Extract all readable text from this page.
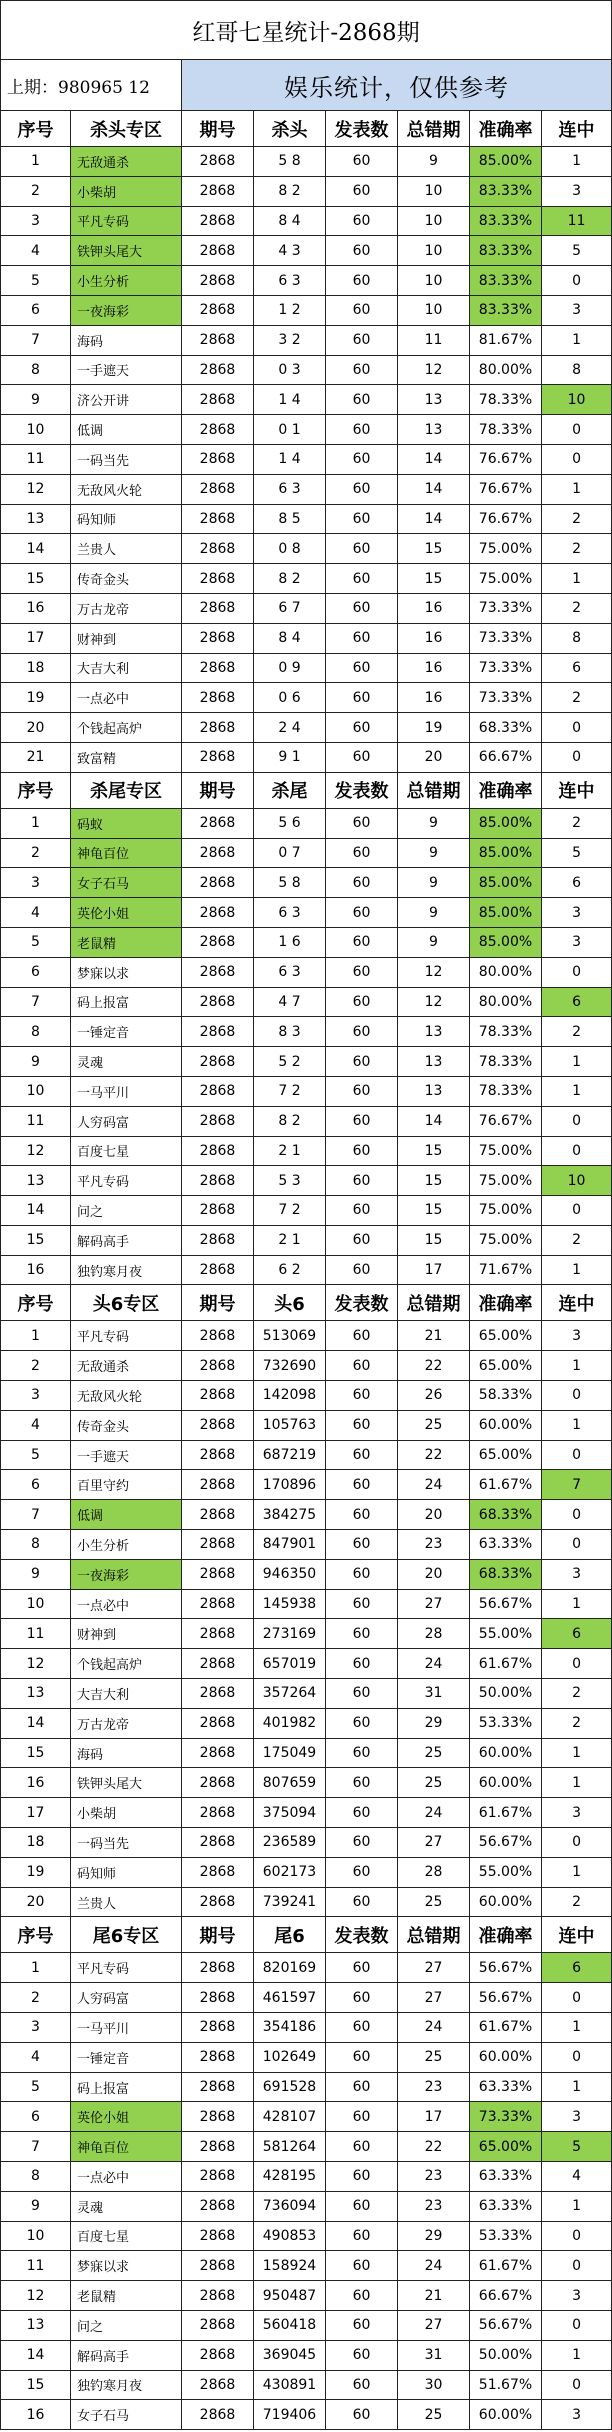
红哥七星统计-2868期							
上期：980965 12		娱乐统计，仅供参考					
序号	杀头专区	期号	杀头	发表数	总错期	准确率	连中
1	无敌通杀	2868	5 8	60	9	85.00%	1
2	小柴胡	2868	8 2	60	10	83.33%	3
3	平凡专码	2868	8 4	60	10	83.33%	11
4	铁钾头尾大	2868	4 3	60	10	83.33%	5
5	小生分析	2868	6 3	60	10	83.33%	0
6	一夜海彩	2868	1 2	60	10	83.33%	3
7	海码	2868	3 2	60	11	81.67%	1
8	一手遮天	2868	0 3	60	12	80.00%	8
9	济公开讲	2868	1 4	60	13	78.33%	10
10	低调	2868	0 1	60	13	78.33%	0
11	一码当先	2868	1 4	60	14	76.67%	0
12	无敌风火轮	2868	6 3	60	14	76.67%	1
13	码知师	2868	8 5	60	14	76.67%	2
14	兰贵人	2868	0 8	60	15	75.00%	2
15	传奇金头	2868	8 2	60	15	75.00%	1
16	万古龙帝	2868	6 7	60	16	73.33%	2
17	财神到	2868	8 4	60	16	73.33%	8
18	大吉大利	2868	0 9	60	16	73.33%	6
19	一点必中	2868	0 6	60	16	73.33%	2
20	个钱起高炉	2868	2 4	60	19	68.33%	0
21	致富精	2868	9 1	60	20	66.67%	0
序号	杀尾专区	期号	杀尾	发表数	总错期	准确率	连中
1	码蚁	2868	5 6	60	9	85.00%	2
2	神龟百位	2868	0 7	60	9	85.00%	5
3	女子石马	2868	5 8	60	9	85.00%	6
4	英伦小姐	2868	6 3	60	9	85.00%	3
5	老鼠精	2868	1 6	60	9	85.00%	3
6	梦寐以求	2868	6 3	60	12	80.00%	0
7	码上报富	2868	4 7	60	12	80.00%	6
8	一锤定音	2868	8 3	60	13	78.33%	2
9	灵魂	2868	5 2	60	13	78.33%	1
10	一马平川	2868	7 2	60	13	78.33%	1
11	人穷码富	2868	8 2	60	14	76.67%	0
12	百度七星	2868	2 1	60	15	75.00%	0
13	平凡专码	2868	5 3	60	15	75.00%	10
14	问之	2868	7 2	60	15	75.00%	0
15	解码高手	2868	2 1	60	15	75.00%	2
16	独钓寒月夜	2868	6 2	60	17	71.67%	1
序号	头6专区	期号	头6	发表数	总错期	准确率	连中
1	平凡专码	2868	513069	60	21	65.00%	3
2	无敌通杀	2868	732690	60	22	65.00%	1
3	无敌风火轮	2868	142098	60	26	58.33%	0
4	传奇金头	2868	105763	60	25	60.00%	1
5	一手遮天	2868	687219	60	22	65.00%	0
6	百里守约	2868	170896	60	24	61.67%	7
7	低调	2868	384275	60	20	68.33%	0
8	小生分析	2868	847901	60	23	63.33%	0
9	一夜海彩	2868	946350	60	20	68.33%	3
10	一点必中	2868	145938	60	27	56.67%	1
11	财神到	2868	273169	60	28	55.00%	6
12	个钱起高炉	2868	657019	60	24	61.67%	0
13	大吉大利	2868	357264	60	31	50.00%	2
14	万古龙帝	2868	401982	60	29	53.33%	2
15	海码	2868	175049	60	25	60.00%	1
16	铁钾头尾大	2868	807659	60	25	60.00%	1
17	小柴胡	2868	375094	60	24	61.67%	3
18	一码当先	2868	236589	60	27	56.67%	0
19	码知师	2868	602173	60	28	55.00%	1
20	兰贵人	2868	739241	60	25	60.00%	2
序号	尾6专区	期号	尾6	发表数	总错期	准确率	连中
1	平凡专码	2868	820169	60	27	56.67%	6
2	人穷码富	2868	461597	60	27	56.67%	0
3	一马平川	2868	354186	60	24	61.67%	1
4	一锤定音	2868	102649	60	25	60.00%	0
5	码上报富	2868	691528	60	23	63.33%	1
6	英伦小姐	2868	428107	60	17	73.33%	3
7	神龟百位	2868	581264	60	22	65.00%	5
8	一点必中	2868	428195	60	23	63.33%	4
9	灵魂	2868	736094	60	23	63.33%	1
10	百度七星	2868	490853	60	29	53.33%	0
11	梦寐以求	2868	158924	60	24	61.67%	0
12	老鼠精	2868	950487	60	21	66.67%	3
13	问之	2868	560418	60	27	56.67%	0
14	解码高手	2868	369045	60	31	50.00%	1
15	独钓寒月夜	2868	430891	60	30	51.67%	0
16	女子石马	2868	719406	60	25	60.00%	3
